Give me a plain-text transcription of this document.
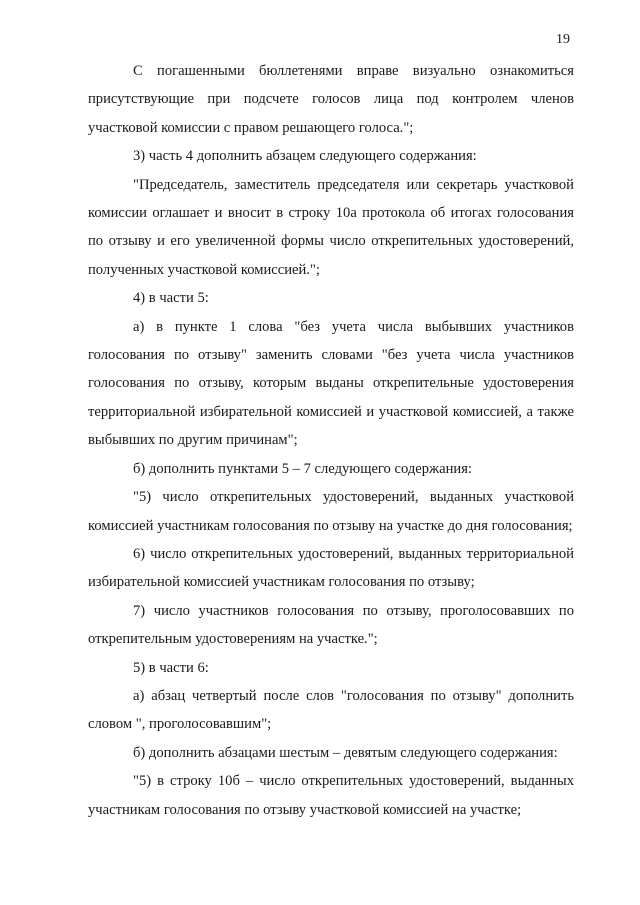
19

С погашенными бюллетенями вправе визуально ознакомиться присутствующие при подсчете голосов лица под контролем членов участковой комиссии с правом решающего голоса.";

3) часть 4 дополнить абзацем следующего содержания:

"Председатель, заместитель председателя или секретарь участковой комиссии оглашает и вносит в строку 10а протокола об итогах голосования по отзыву и его увеличенной формы число открепительных удостоверений, полученных участковой комиссией.";

4) в части 5:

а) в пункте 1 слова "без учета числа выбывших участников голосования по отзыву" заменить словами "без учета числа участников голосования по отзыву, которым выданы открепительные удостоверения территориальной избирательной комиссией и участковой комиссией, а также выбывших по другим причинам";

б) дополнить пунктами 5 – 7 следующего содержания:

"5) число открепительных удостоверений, выданных участковой комиссией участникам голосования по отзыву на участке до дня голосования;

6) число открепительных удостоверений, выданных территориальной избирательной комиссией участникам голосования по отзыву;

7) число участников голосования по отзыву, проголосовавших по открепительным удостоверениям на участке.";

5) в части 6:

а) абзац четвертый после слов "голосования по отзыву" дополнить словом ", проголосовавшим";

б) дополнить абзацами шестым – девятым следующего содержания:

"5) в строку 10б – число открепительных удостоверений, выданных участникам голосования по отзыву участковой комиссией на участке;
